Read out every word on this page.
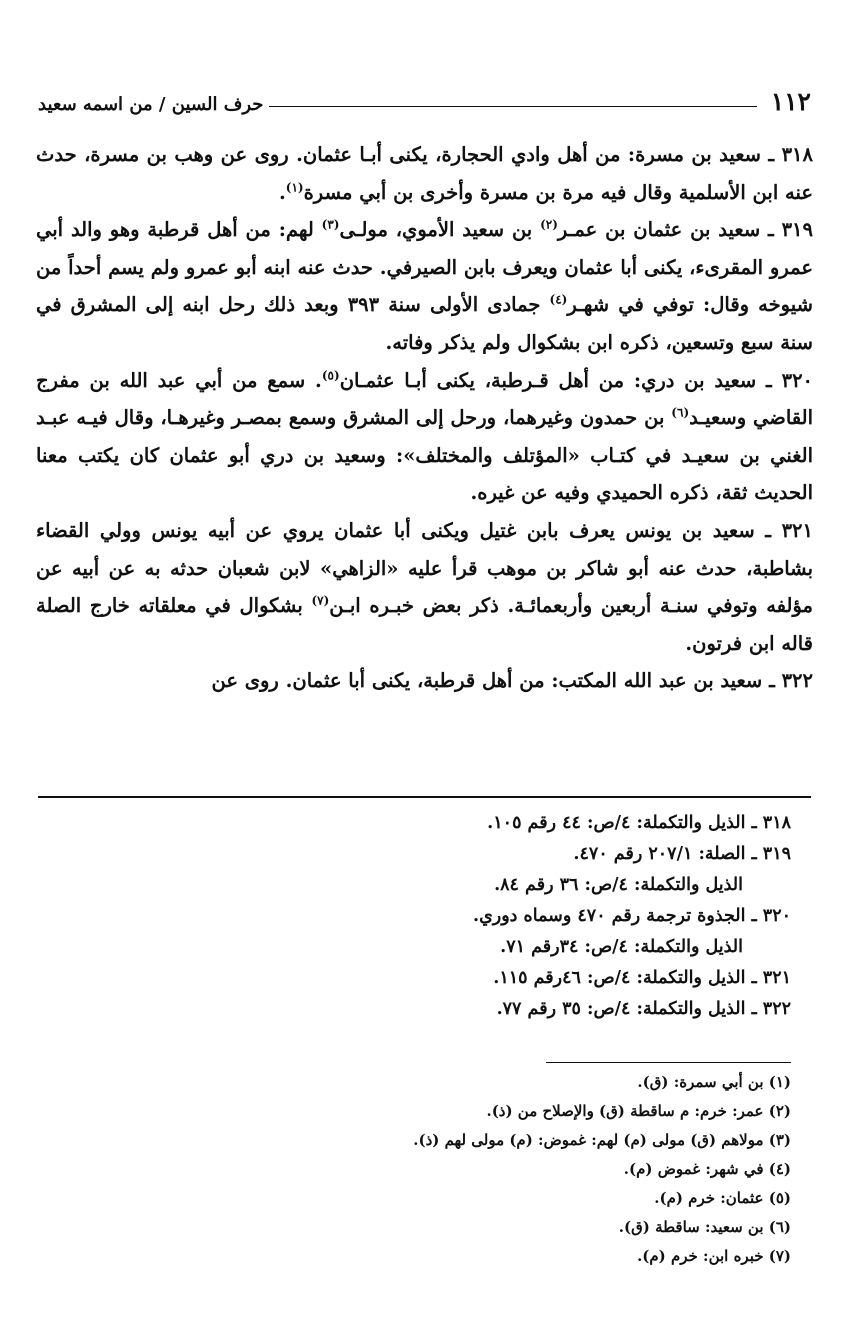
١١٢
حرف السين / من اسمه سعيد

٣١٨ ـ سعيد بن مسرة: من أهل وادي الحجارة، يكنى أبـا عثمان. روى عن وهب بن مسرة، حدث عنه ابن الأسلمية وقال فيه مرة بن مسرة وأخرى بن أبي مسرة$^{(١)}$.

٣١٩ ـ سعيد بن عثمان بن عمـر$^{(٢)}$ بن سعيد الأموي، مولـى$^{(٣)}$ لهم: من أهل قرطبة وهو والد أبي عمرو المقرىء، يكنى أبا عثمان ويعرف بابن الصيرفي. حدث عنه ابنه أبو عمرو ولم يسم أحداً من شيوخه وقال: توفي في شهـر$^{(٤)}$ جمادى الأولى سنة ٣٩٣ وبعد ذلك رحل ابنه إلى المشرق في سنة سبع وتسعين، ذكره ابن بشكوال ولم يذكر وفاته.

٣٢٠ ـ سعيد بن دري: من أهل قـرطبة، يكنى أبـا عثمـان$^{(٥)}$. سمع من أبي عبد الله بن مفرج القاضي وسعيـد$^{(٦)}$ بن حمدون وغيرهما، ورحل إلى المشرق وسمع بمصـر وغيرهـا، وقال فيـه عبـد الغني بن سعيـد في كتـاب «المؤتلف والمختلف»: وسعيد بن دري أبو عثمان كان يكتب معنا الحديث ثقة، ذكره الحميدي وفيه عن غيره.

٣٢١ ـ سعيد بن يونس يعرف بابن غتيل ويكنى أبا عثمان يروي عن أبيه يونس وولي القضاء بشاطبة، حدث عنه أبو شاكر بن موهب قرأ عليه «الزاهي» لابن شعبان حدثه به عن أبيه عن مؤلفه وتوفي سنـة أربعين وأربعمائـة. ذكر بعض خبـره ابـن$^{(٧)}$ بشكوال في معلقاته خارج الصلة قاله ابن فرتون.

٣٢٢ ـ سعيد بن عبد الله المكتب: من أهل قرطبة، يكنى أبا عثمان. روى عن

٣١٨ ـ الذيل والتكملة: ٤/ص: ٤٤ رقم ١٠٥.
٣١٩ ـ الصلة: ٢٠٧/١ رقم ٤٧٠.
الذيل والتكملة: ٤/ص: ٣٦ رقم ٨٤.
٣٢٠ ـ الجذوة ترجمة رقم ٤٧٠ وسماه دوري.
الذيل والتكملة: ٤/ص: ٣٤رقم ٧١.
٣٢١ ـ الذيل والتكملة: ٤/ص: ٤٦رقم ١١٥.
٣٢٢ ـ الذيل والتكملة: ٤/ص: ٣٥ رقم ٧٧.
(١) بن أبي سمرة: (ق).
(٢) عمر: خرم: م ساقطة (ق) والإصلاح من (ذ).
(٣) مولاهم (ق) مولى (م) لهم: غموض: (م) مولى لهم (ذ).
(٤) في شهر: غموض (م).
(٥) عثمان: خرم (م).
(٦) بن سعيد: ساقطة (ق).
(٧) خبره ابن: خرم (م).
